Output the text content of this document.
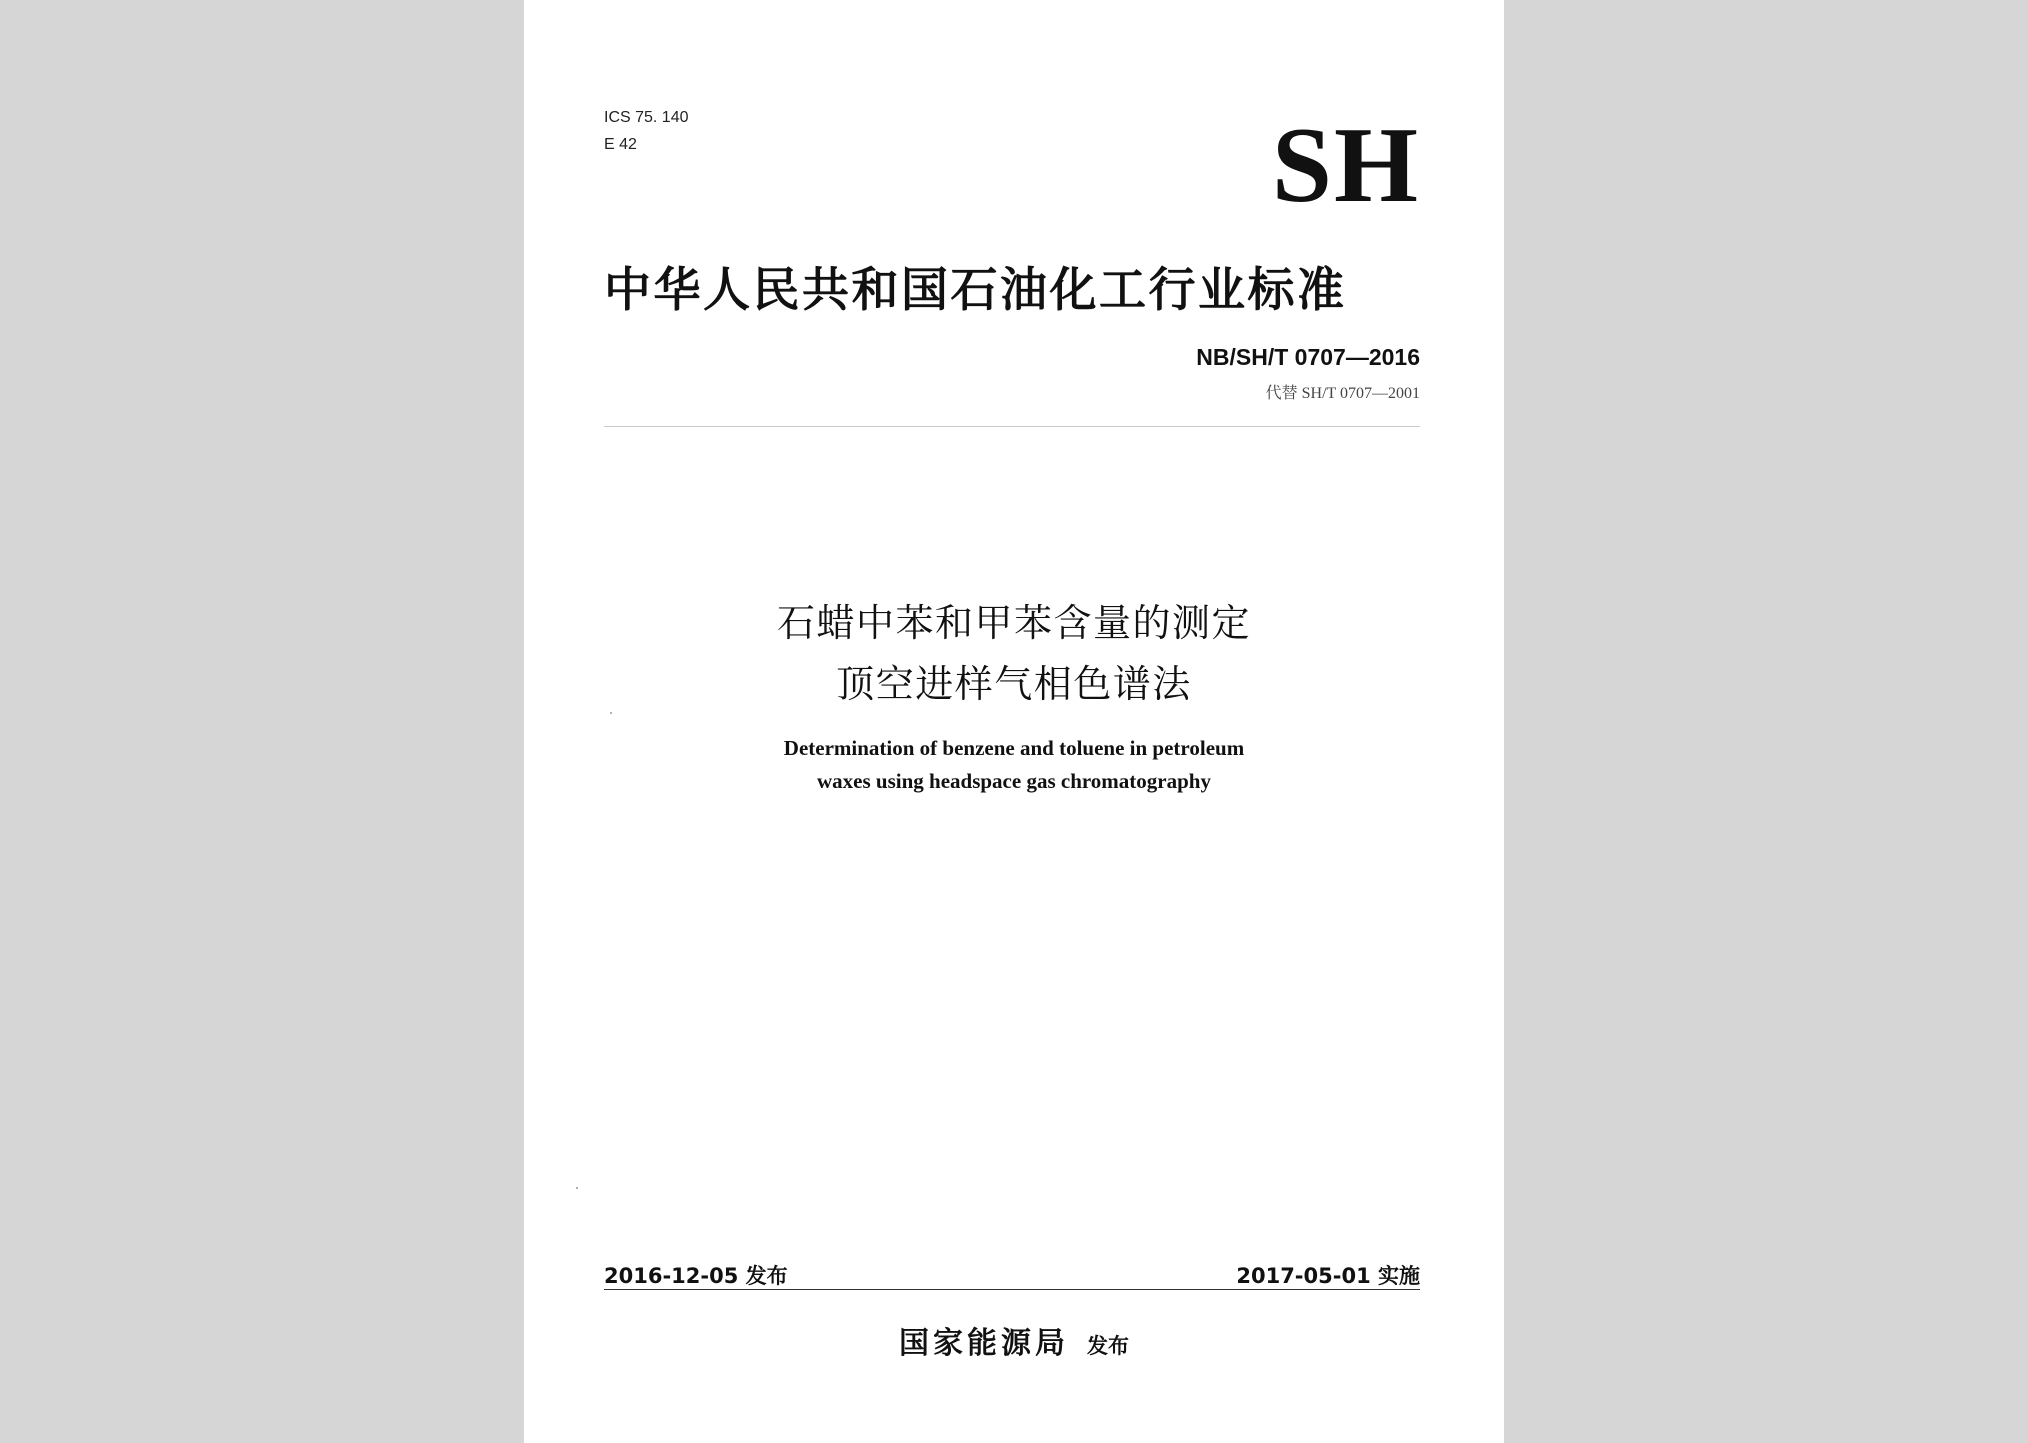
ICS 75. 140
E 42	SH
中华人民共和国石油化工行业标准
NB/SH/T 0707—2016
代替 SH/T 0707—2001
石蜡中苯和甲苯含量的测定
顶空进样气相色谱法
Determination of benzene and toluene in petroleum
waxes using headspace gas chromatography
2016-12-05 发布	2017-05-01 实施
国家能源局 发布
